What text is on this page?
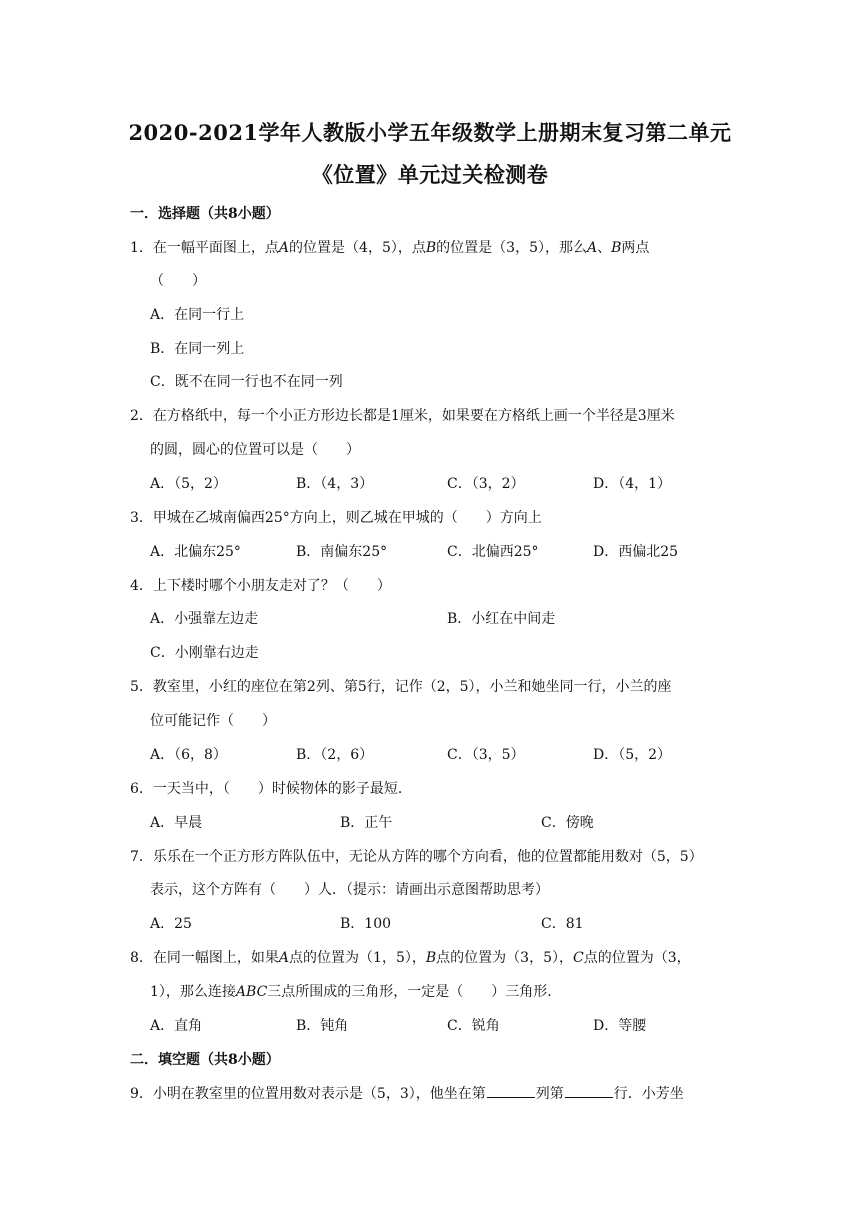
2020-2021学年人教版小学五年级数学上册期末复习第二单元
《位置》单元过关检测卷
一．选择题（共8小题）
1．在一幅平面图上，点A的位置是（4，5），点B的位置是（3，5），那么A、B两点
（　　）
A．在同一行上
B．在同一列上
C．既不在同一行也不在同一列
2．在方格纸中，每一个小正方形边长都是1厘米，如果要在方格纸上画一个半径是3厘米
的圆，圆心的位置可以是（　　）
A．（5，2）	B．（4，3）	C．（3，2）	D．（4，1）
3．甲城在乙城南偏西25°方向上，则乙城在甲城的（　　）方向上
A．北偏东25°	B．南偏东25°	C．北偏西25°	D．西偏北25
4．上下楼时哪个小朋友走对了？（　　）
A．小强靠左边走	B．小红在中间走
C．小刚靠右边走
5．教室里，小红的座位在第2列、第5行，记作（2，5），小兰和她坐同一行，小兰的座
位可能记作（　　）
A．（6，8）	B．（2，6）	C．（3，5）	D．（5，2）
6．一天当中，（　　）时候物体的影子最短．
A．早晨	B．正午	C．傍晚
7．乐乐在一个正方形方阵队伍中，无论从方阵的哪个方向看，他的位置都能用数对（5，5）
表示，这个方阵有（　　）人．（提示：请画出示意图帮助思考）
A．25	B．100	C．81
8．在同一幅图上，如果A点的位置为（1，5），B点的位置为（3，5），C点的位置为（3，
1），那么连接ABC三点所围成的三角形，一定是（　　）三角形．
A．直角	B．钝角	C．锐角	D．等腰
二．填空题（共8小题）
9．小明在教室里的位置用数对表示是（5，3），他坐在第	列第	行．小芳坐
